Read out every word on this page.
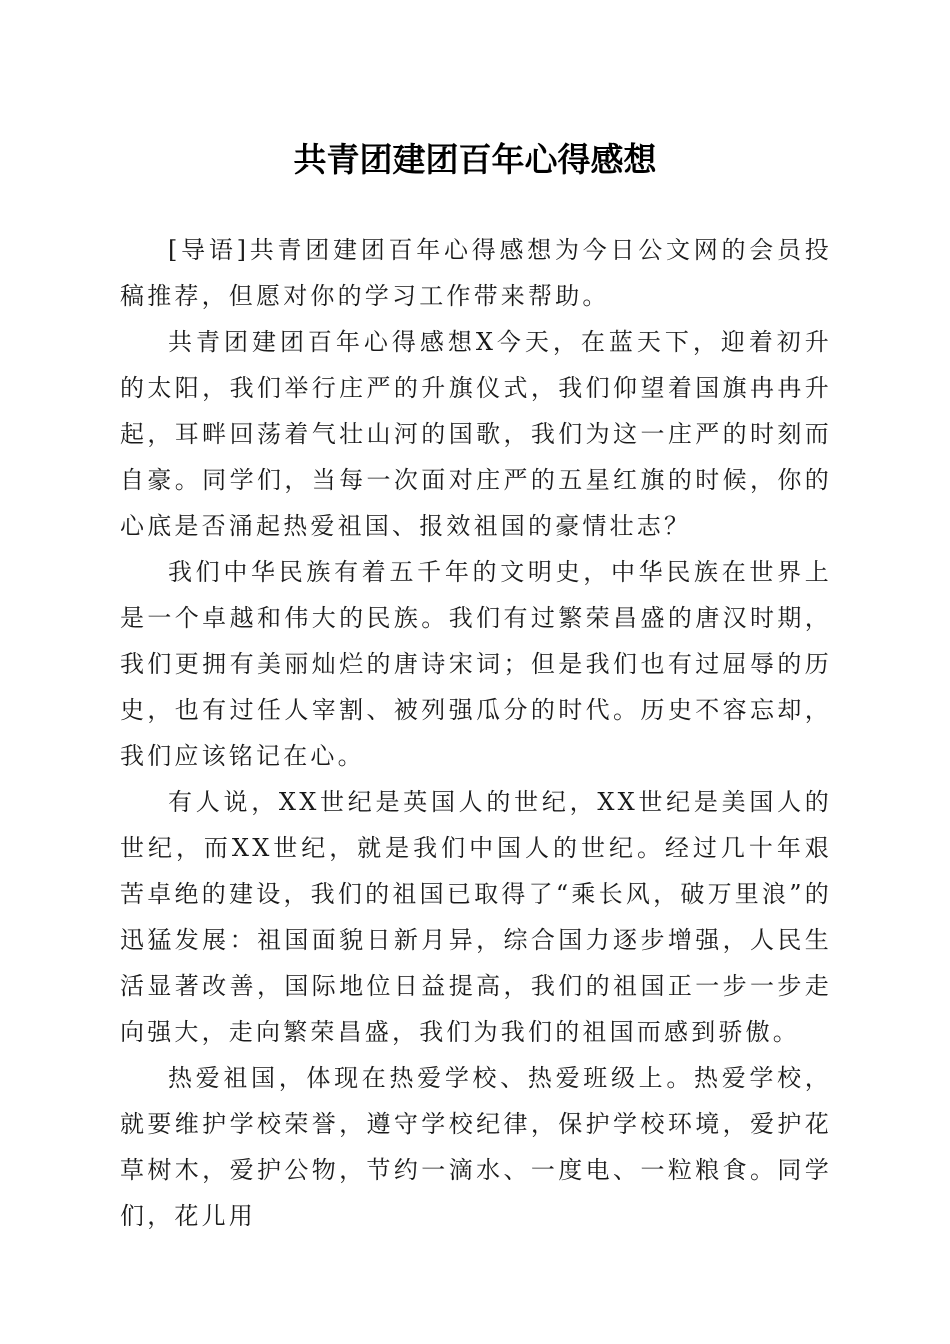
共青团建团百年心得感想

[导语]共青团建团百年心得感想为今日公文网的会员投稿推荐，但愿对你的学习工作带来帮助。

共青团建团百年心得感想X今天，在蓝天下，迎着初升的太阳，我们举行庄严的升旗仪式，我们仰望着国旗冉冉升起，耳畔回荡着气壮山河的国歌，我们为这一庄严的时刻而自豪。同学们，当每一次面对庄严的五星红旗的时候，你的心底是否涌起热爱祖国、报效祖国的豪情壮志？

我们中华民族有着五千年的文明史，中华民族在世界上是一个卓越和伟大的民族。我们有过繁荣昌盛的唐汉时期，我们更拥有美丽灿烂的唐诗宋词；但是我们也有过屈辱的历史，也有过任人宰割、被列强瓜分的时代。历史不容忘却，我们应该铭记在心。

有人说，XX世纪是英国人的世纪，XX世纪是美国人的世纪，而XX世纪，就是我们中国人的世纪。经过几十年艰苦卓绝的建设，我们的祖国已取得了“乘长风，破万里浪”的迅猛发展：祖国面貌日新月异，综合国力逐步增强，人民生活显著改善，国际地位日益提高，我们的祖国正一步一步走向强大，走向繁荣昌盛，我们为我们的祖国而感到骄傲。

热爱祖国，体现在热爱学校、热爱班级上。热爱学校，就要维护学校荣誉，遵守学校纪律，保护学校环境，爱护花草树木，爱护公物，节约一滴水、一度电、一粒粮食。同学们，花儿用
